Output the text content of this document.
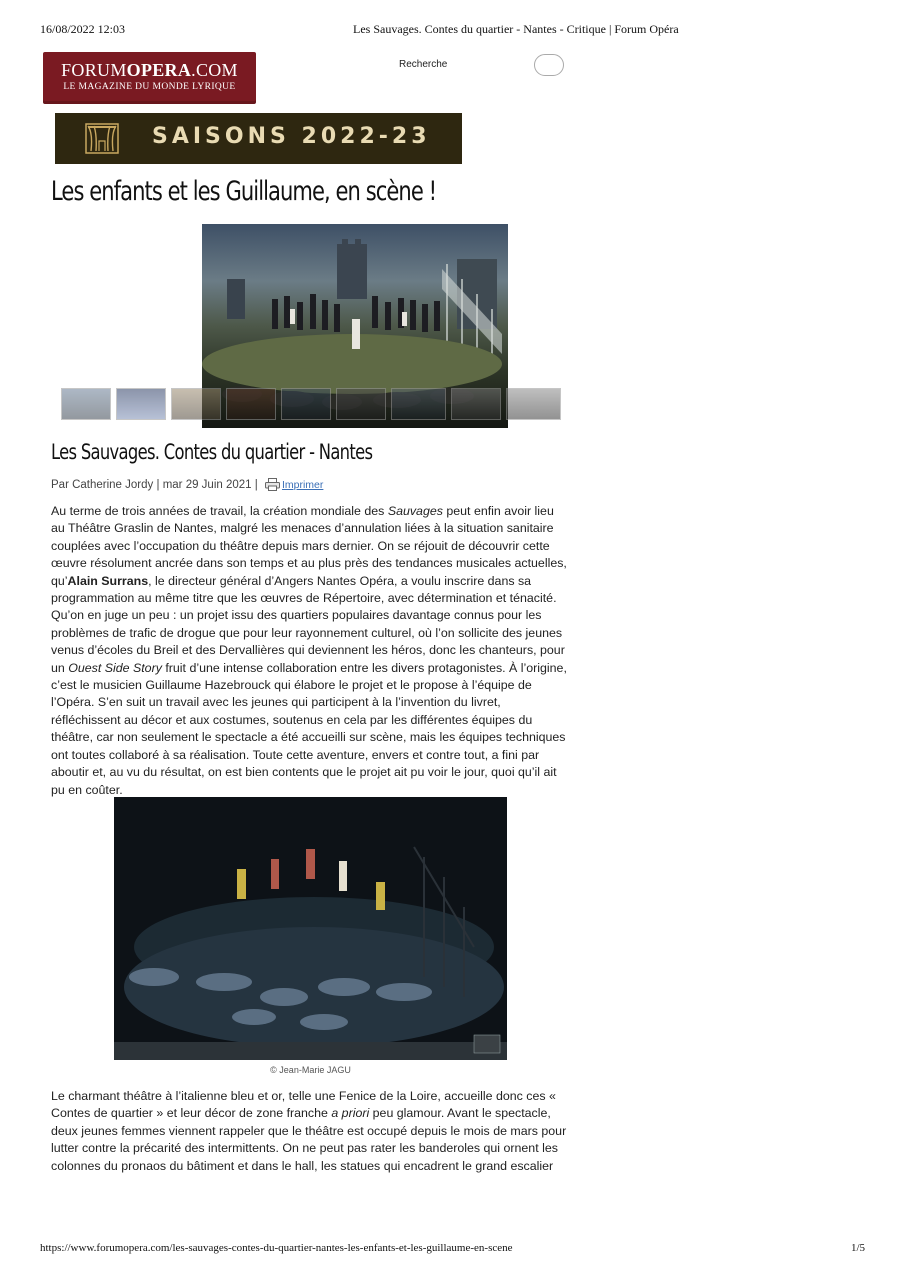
16/08/2022 12:03	Les Sauvages. Contes du quartier - Nantes - Critique | Forum Opéra
FORUMOPERA.COM
LE MAGAZINE DU MONDE LYRIQUE
Recherche
SAISONS 2022-23
Les enfants et les Guillaume, en scène !
Les Sauvages. Contes du quartier - Nantes
Par Catherine Jordy | mar 29 Juin 2021 | Imprimer

Au terme de trois années de travail, la création mondiale des Sauvages peut enfin avoir lieu au Théâtre Graslin de Nantes, malgré les menaces d’annulation liées à la situation sanitaire couplées avec l’occupation du théâtre depuis mars dernier. On se réjouit de découvrir cette œuvre résolument ancrée dans son temps et au plus près des tendances musicales actuelles, qu’Alain Surrans, le directeur général d’Angers Nantes Opéra, a voulu inscrire dans sa programmation au même titre que les œuvres de Répertoire, avec détermination et ténacité. Qu’on en juge un peu : un projet issu des quartiers populaires davantage connus pour les problèmes de trafic de drogue que pour leur rayonnement culturel, où l’on sollicite des jeunes venus d’écoles du Breil et des Dervallières qui deviennent les héros, donc les chanteurs, pour un Ouest Side Story fruit d’une intense collaboration entre les divers protagonistes. À l’origine, c’est le musicien Guillaume Hazebrouck qui élabore le projet et le propose à l’équipe de l’Opéra. S’en suit un travail avec les jeunes qui participent à la l’invention du livret, réfléchissent au décor et aux costumes, soutenus en cela par les différentes équipes du théâtre, car non seulement le spectacle a été accueilli sur scène, mais les équipes techniques ont toutes collaboré à sa réalisation. Toute cette aventure, envers et contre tout, a fini par aboutir et, au vu du résultat, on est bien contents que le projet ait pu voir le jour, quoi qu’il ait pu en coûter.

© Jean-Marie JAGU

Le charmant théâtre à l’italienne bleu et or, telle une Fenice de la Loire, accueille donc ces « Contes de quartier » et leur décor de zone franche a priori peu glamour. Avant le spectacle, deux jeunes femmes viennent rappeler que le théâtre est occupé depuis le mois de mars pour lutter contre la précarité des intermittents. On ne peut pas rater les banderoles qui ornent les colonnes du pronaos du bâtiment et dans le hall, les statues qui encadrent le grand escalier

https://www.forumopera.com/les-sauvages-contes-du-quartier-nantes-les-enfants-et-les-guillaume-en-scene	1/5
